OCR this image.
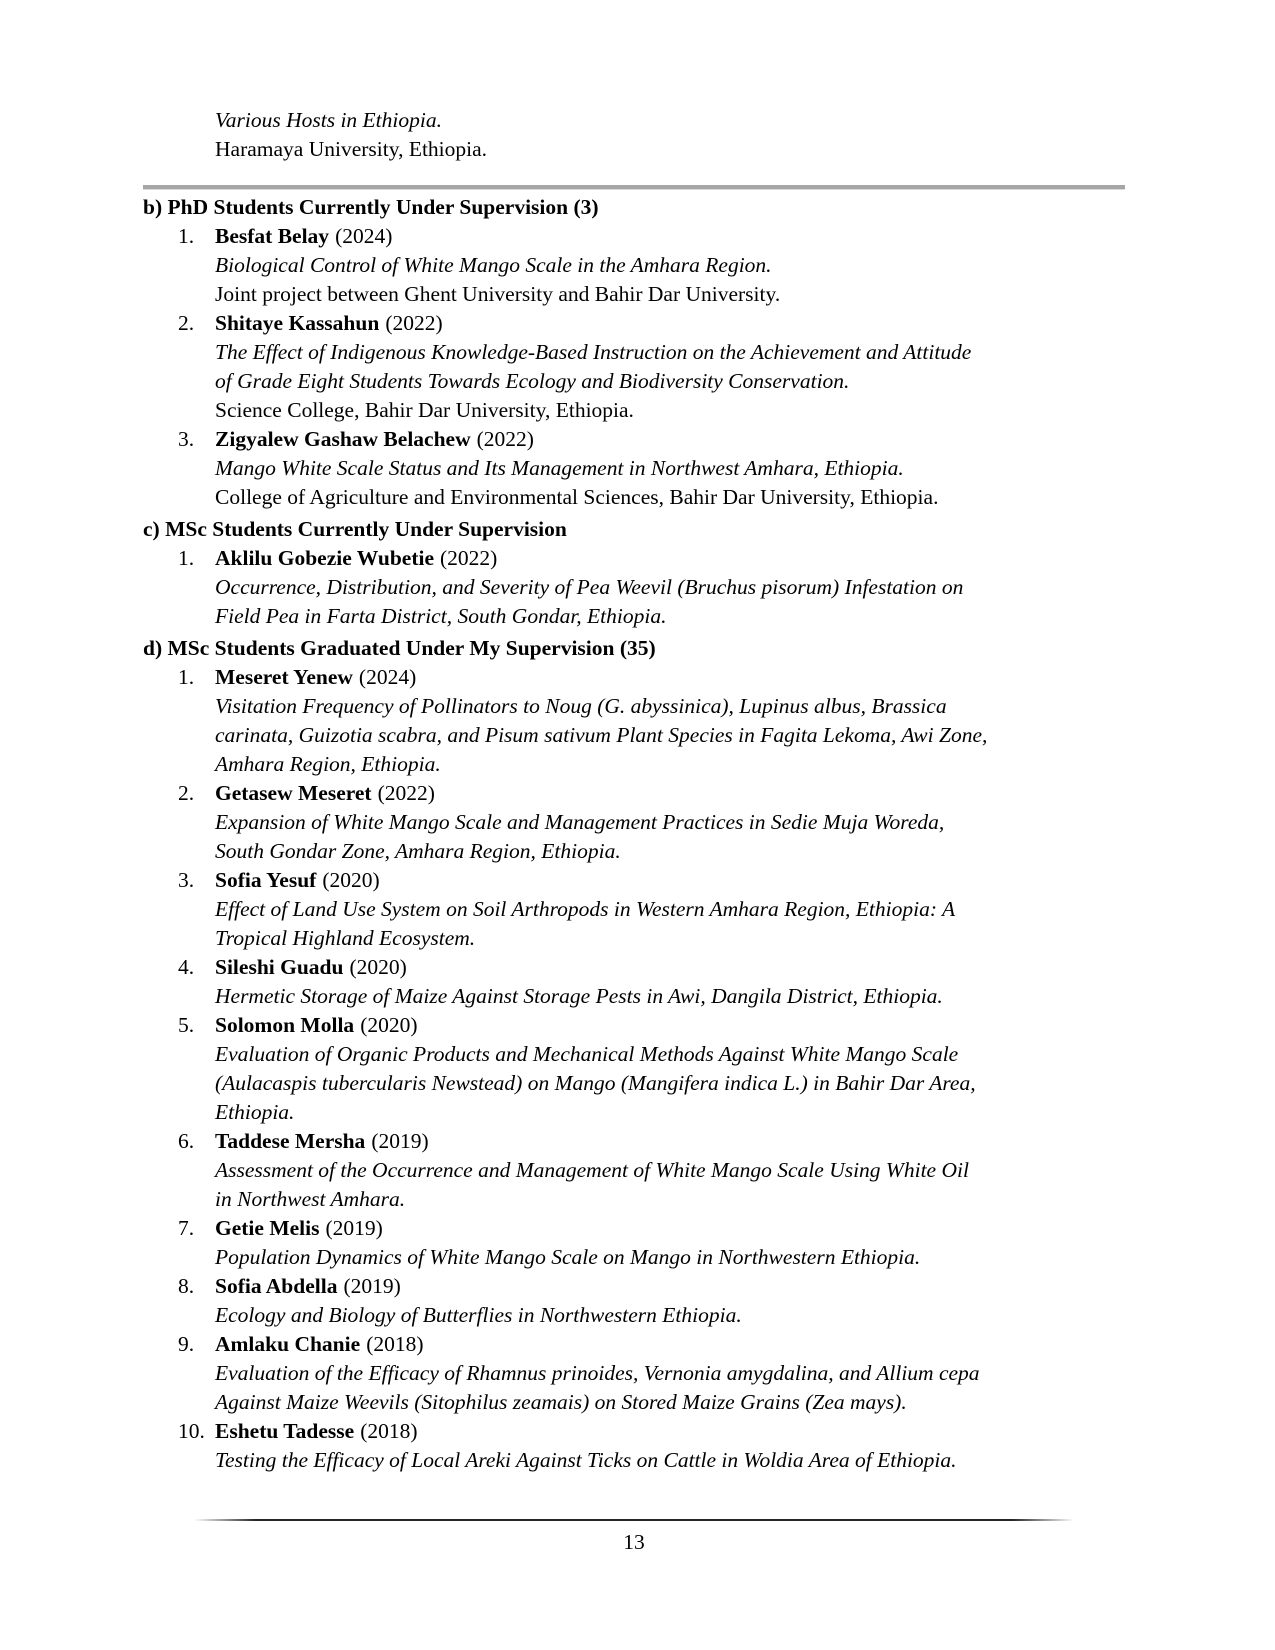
Various Hosts in Ethiopia.
Haramaya University, Ethiopia.
b) PhD Students Currently Under Supervision (3)
1. Besfat Belay (2024)
Biological Control of White Mango Scale in the Amhara Region.
Joint project between Ghent University and Bahir Dar University.
2. Shitaye Kassahun (2022)
The Effect of Indigenous Knowledge-Based Instruction on the Achievement and Attitude
of Grade Eight Students Towards Ecology and Biodiversity Conservation.
Science College, Bahir Dar University, Ethiopia.
3. Zigyalew Gashaw Belachew (2022)
Mango White Scale Status and Its Management in Northwest Amhara, Ethiopia.
College of Agriculture and Environmental Sciences, Bahir Dar University, Ethiopia.
c) MSc Students Currently Under Supervision
1. Aklilu Gobezie Wubetie (2022)
Occurrence, Distribution, and Severity of Pea Weevil (Bruchus pisorum) Infestation on
Field Pea in Farta District, South Gondar, Ethiopia.
d) MSc Students Graduated Under My Supervision (35)
1. Meseret Yenew (2024)
Visitation Frequency of Pollinators to Noug (G. abyssinica), Lupinus albus, Brassica
carinata, Guizotia scabra, and Pisum sativum Plant Species in Fagita Lekoma, Awi Zone,
Amhara Region, Ethiopia.
2. Getasew Meseret (2022)
Expansion of White Mango Scale and Management Practices in Sedie Muja Woreda,
South Gondar Zone, Amhara Region, Ethiopia.
3. Sofia Yesuf (2020)
Effect of Land Use System on Soil Arthropods in Western Amhara Region, Ethiopia: A
Tropical Highland Ecosystem.
4. Sileshi Guadu (2020)
Hermetic Storage of Maize Against Storage Pests in Awi, Dangila District, Ethiopia.
5. Solomon Molla (2020)
Evaluation of Organic Products and Mechanical Methods Against White Mango Scale
(Aulacaspis tubercularis Newstead) on Mango (Mangifera indica L.) in Bahir Dar Area,
Ethiopia.
6. Taddese Mersha (2019)
Assessment of the Occurrence and Management of White Mango Scale Using White Oil
in Northwest Amhara.
7. Getie Melis (2019)
Population Dynamics of White Mango Scale on Mango in Northwestern Ethiopia.
8. Sofia Abdella (2019)
Ecology and Biology of Butterflies in Northwestern Ethiopia.
9. Amlaku Chanie (2018)
Evaluation of the Efficacy of Rhamnus prinoides, Vernonia amygdalina, and Allium cepa
Against Maize Weevils (Sitophilus zeamais) on Stored Maize Grains (Zea mays).
10. Eshetu Tadesse (2018)
Testing the Efficacy of Local Areki Against Ticks on Cattle in Woldia Area of Ethiopia.
13
